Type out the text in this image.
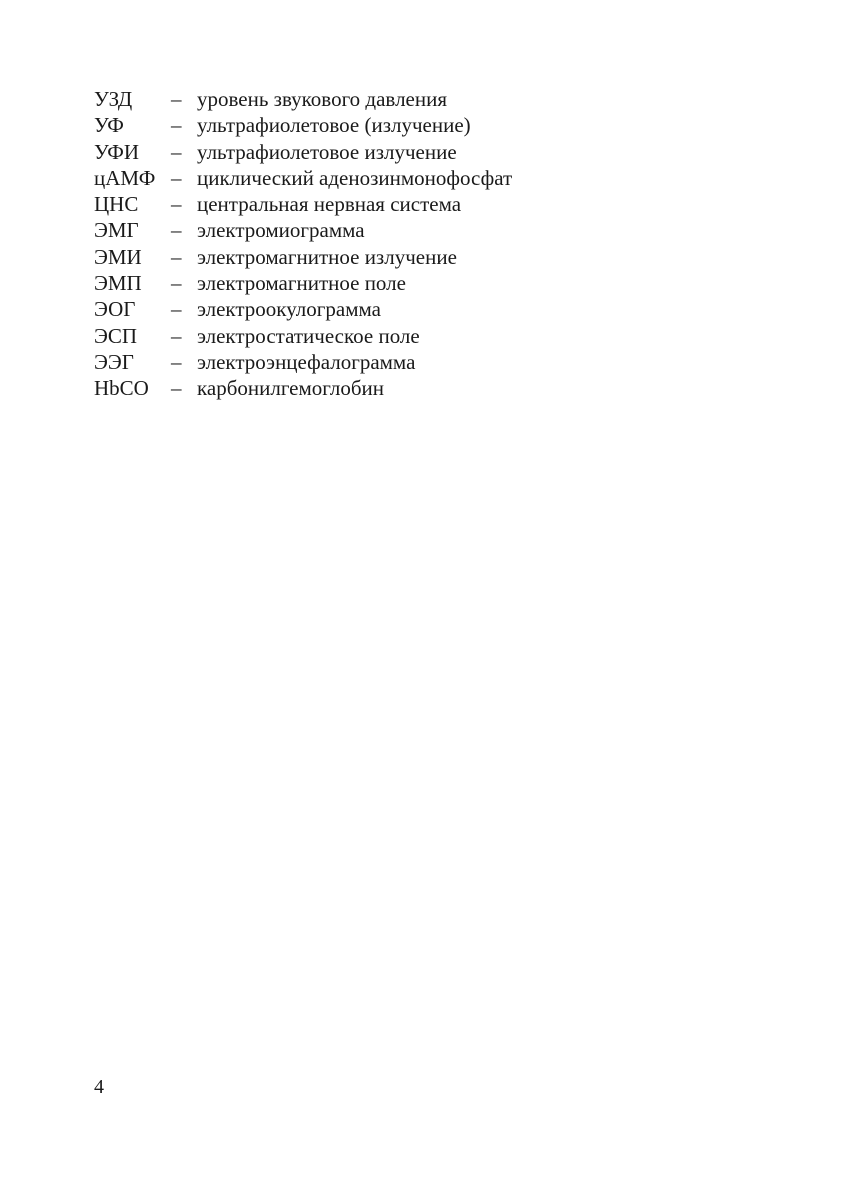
УЗД	– уровень звукового давления
УФ	– ультрафиолетовое (излучение)
УФИ	– ультрафиолетовое излучение
цАМФ – циклический аденозинмонофосфат
ЦНС	– центральная нервная система
ЭМГ	– электромиограмма
ЭМИ	– электромагнитное излучение
ЭМП	– электромагнитное поле
ЭОГ	– электроокулограмма
ЭСП	– электростатическое поле
ЭЭГ	– электроэнцефалограмма
HbCO	– карбонилгемоглобин
4
